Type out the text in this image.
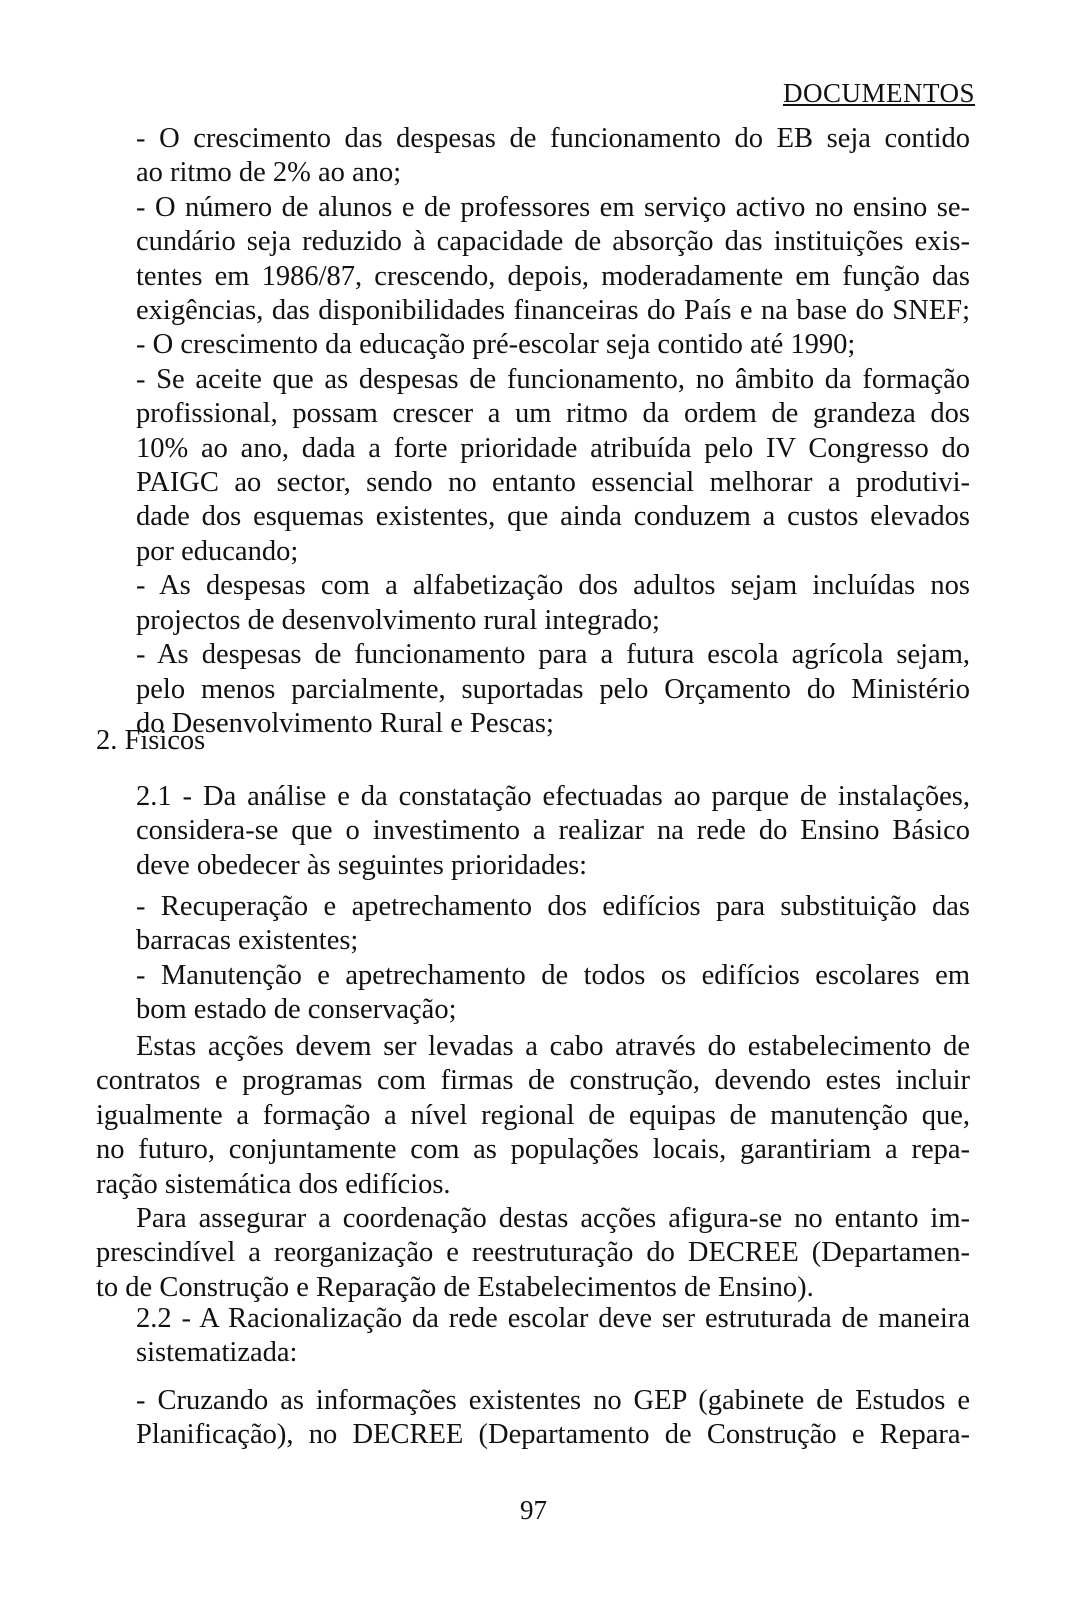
DOCUMENTOS
- O crescimento das despesas de funcionamento do EB seja contido
ao ritmo de 2% ao ano;
- O número de alunos e de professores em serviço activo no ensino se-
cundário seja reduzido à capacidade de absorção das instituições exis-
tentes em 1986/87, crescendo, depois, moderadamente em função das
exigências, das disponibilidades financeiras do País e na base do SNEF;
- O crescimento da educação pré-escolar seja contido até 1990;
- Se aceite que as despesas de funcionamento, no âmbito da formação
profissional, possam crescer a um ritmo da ordem de grandeza dos
10% ao ano, dada a forte prioridade atribuída pelo IV Congresso do
PAIGC ao sector, sendo no entanto essencial melhorar a produtivi-
dade dos esquemas existentes, que ainda conduzem a custos elevados
por educando;
- As despesas com a alfabetização dos adultos sejam incluídas nos
projectos de desenvolvimento rural integrado;
- As despesas de funcionamento para a futura escola agrícola sejam,
pelo menos parcialmente, suportadas pelo Orçamento do Ministério
do Desenvolvimento Rural e Pescas;
2. Físicos
2.1 - Da análise e da constatação efectuadas ao parque de instalações,
considera-se que o investimento a realizar na rede do Ensino Básico
deve obedecer às seguintes prioridades:
- Recuperação e apetrechamento dos edifícios para substituição das
barracas existentes;
- Manutenção e apetrechamento de todos os edifícios escolares em
bom estado de conservação;
Estas acções devem ser levadas a cabo através do estabelecimento de
contratos e programas com firmas de construção, devendo estes incluir
igualmente a formação a nível regional de equipas de manutenção que,
no futuro, conjuntamente com as populações locais, garantiriam a repa-
ração sistemática dos edifícios.
Para assegurar a coordenação destas acções afigura-se no entanto im-
prescindível a reorganização e reestruturação do DECREE (Departamen-
to de Construção e Reparação de Estabelecimentos de Ensino).
2.2 - A Racionalização da rede escolar deve ser estruturada de maneira
sistematizada:
- Cruzando as informações existentes no GEP (gabinete de Estudos e
Planificação), no DECREE (Departamento de Construção e Repara-
97
